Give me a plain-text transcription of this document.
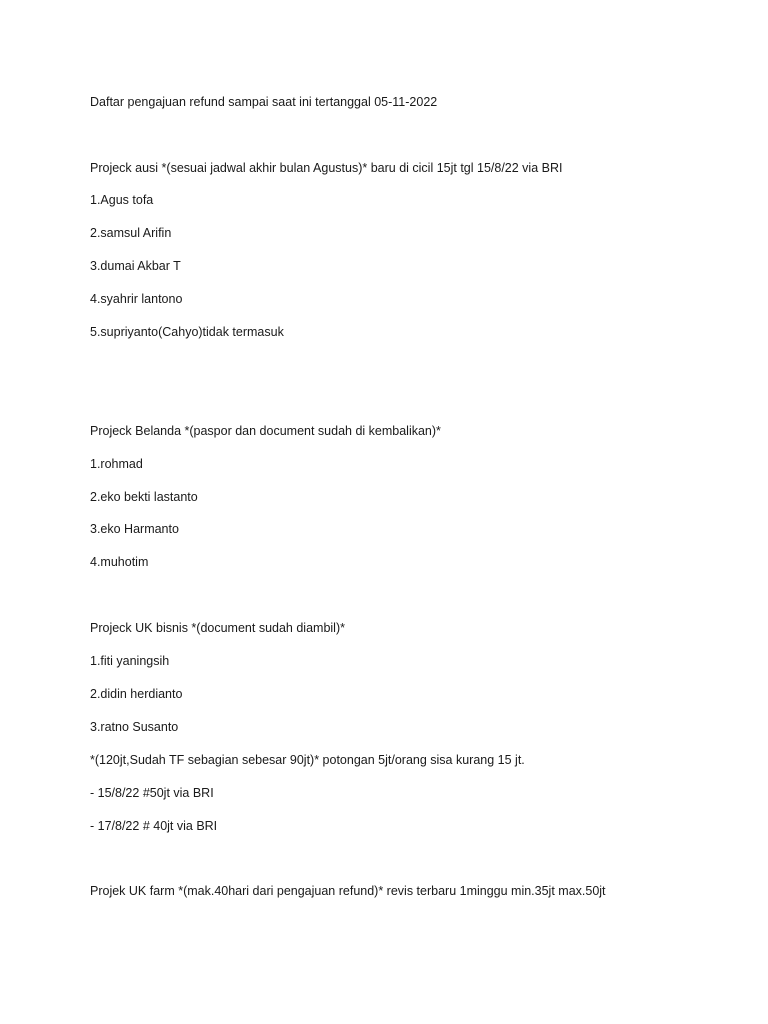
Daftar pengajuan refund sampai saat ini tertanggal 05-11-2022

Projeck ausi *(sesuai jadwal akhir bulan Agustus)* baru di cicil 15jt tgl 15/8/22 via BRI

1.Agus tofa

2.samsul Arifin

3.dumai Akbar T

4.syahrir lantono

5.supriyanto(Cahyo)tidak termasuk

Projeck Belanda *(paspor dan document sudah di kembalikan)*

1.rohmad

2.eko bekti lastanto

3.eko Harmanto

4.muhotim

Projeck UK bisnis *(document sudah diambil)*

1.fiti yaningsih

2.didin herdianto

3.ratno Susanto

*(120jt,Sudah TF sebagian sebesar 90jt)* potongan 5jt/orang sisa kurang 15 jt.

- 15/8/22 #50jt via BRI

- 17/8/22 # 40jt via BRI

Projek UK farm *(mak.40hari dari pengajuan refund)* revis terbaru 1minggu min.35jt max.50jt
